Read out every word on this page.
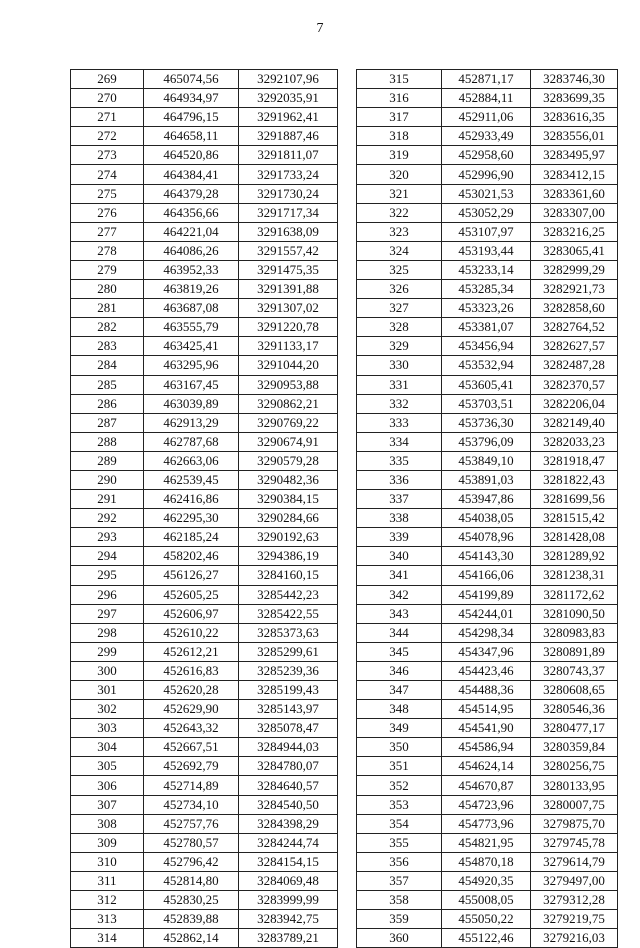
7
269	465074,56	3292107,96
270	464934,97	3292035,91
271	464796,15	3291962,41
272	464658,11	3291887,46
273	464520,86	3291811,07
274	464384,41	3291733,24
275	464379,28	3291730,24
276	464356,66	3291717,34
277	464221,04	3291638,09
278	464086,26	3291557,42
279	463952,33	3291475,35
280	463819,26	3291391,88
281	463687,08	3291307,02
282	463555,79	3291220,78
283	463425,41	3291133,17
284	463295,96	3291044,20
285	463167,45	3290953,88
286	463039,89	3290862,21
287	462913,29	3290769,22
288	462787,68	3290674,91
289	462663,06	3290579,28
290	462539,45	3290482,36
291	462416,86	3290384,15
292	462295,30	3290284,66
293	462185,24	3290192,63
294	458202,46	3294386,19
295	456126,27	3284160,15
296	452605,25	3285442,23
297	452606,97	3285422,55
298	452610,22	3285373,63
299	452612,21	3285299,61
300	452616,83	3285239,36
301	452620,28	3285199,43
302	452629,90	3285143,97
303	452643,32	3285078,47
304	452667,51	3284944,03
305	452692,79	3284780,07
306	452714,89	3284640,57
307	452734,10	3284540,50
308	452757,76	3284398,29
309	452780,57	3284244,74
310	452796,42	3284154,15
311	452814,80	3284069,48
312	452830,25	3283999,99
313	452839,88	3283942,75
314	452862,14	3283789,21
315	452871,17	3283746,30
316	452884,11	3283699,35
317	452911,06	3283616,35
318	452933,49	3283556,01
319	452958,60	3283495,97
320	452996,90	3283412,15
321	453021,53	3283361,60
322	453052,29	3283307,00
323	453107,97	3283216,25
324	453193,44	3283065,41
325	453233,14	3282999,29
326	453285,34	3282921,73
327	453323,26	3282858,60
328	453381,07	3282764,52
329	453456,94	3282627,57
330	453532,94	3282487,28
331	453605,41	3282370,57
332	453703,51	3282206,04
333	453736,30	3282149,40
334	453796,09	3282033,23
335	453849,10	3281918,47
336	453891,03	3281822,43
337	453947,86	3281699,56
338	454038,05	3281515,42
339	454078,96	3281428,08
340	454143,30	3281289,92
341	454166,06	3281238,31
342	454199,89	3281172,62
343	454244,01	3281090,50
344	454298,34	3280983,83
345	454347,96	3280891,89
346	454423,46	3280743,37
347	454488,36	3280608,65
348	454514,95	3280546,36
349	454541,90	3280477,17
350	454586,94	3280359,84
351	454624,14	3280256,75
352	454670,87	3280133,95
353	454723,96	3280007,75
354	454773,96	3279875,70
355	454821,95	3279745,78
356	454870,18	3279614,79
357	454920,35	3279497,00
358	455008,05	3279312,28
359	455050,22	3279219,75
360	455122,46	3279216,03
